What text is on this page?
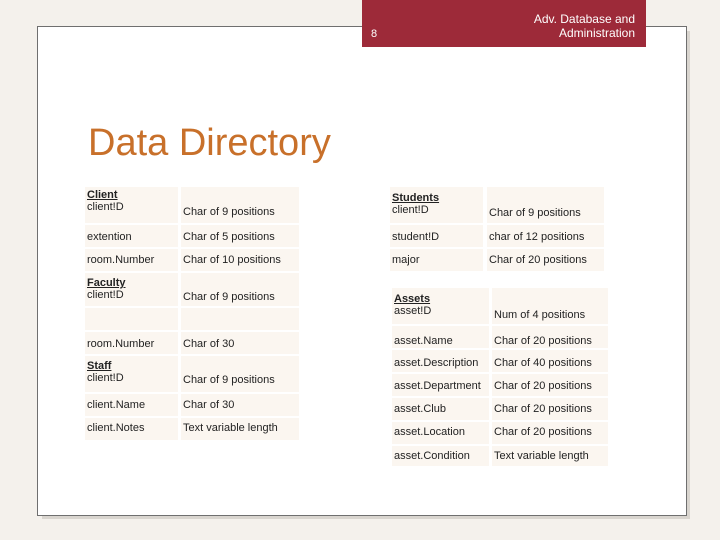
8
Adv. Database and
Administration
Data Directory
Client
client!D	Char of 9 positions
extention	Char of 5 positions
room.Number	Char of 10 positions
Faculty
client!D	Char of 9 positions
room.Number	Char of 30
Staff
client!D	Char of 9 positions
client.Name	Char of 30
client.Notes	Text variable length
Students
client!D	Char of 9 positions
student!D	char of 12 positions
major	Char of 20 positions
Assets
asset!D	Num of 4 positions
asset.Name	Char of 20 positions
asset.Description	Char of 40 positions
asset.Department	Char of 20 positions
asset.Club	Char of 20 positions
asset.Location	Char of 20 positions
asset.Condition	Text variable length
